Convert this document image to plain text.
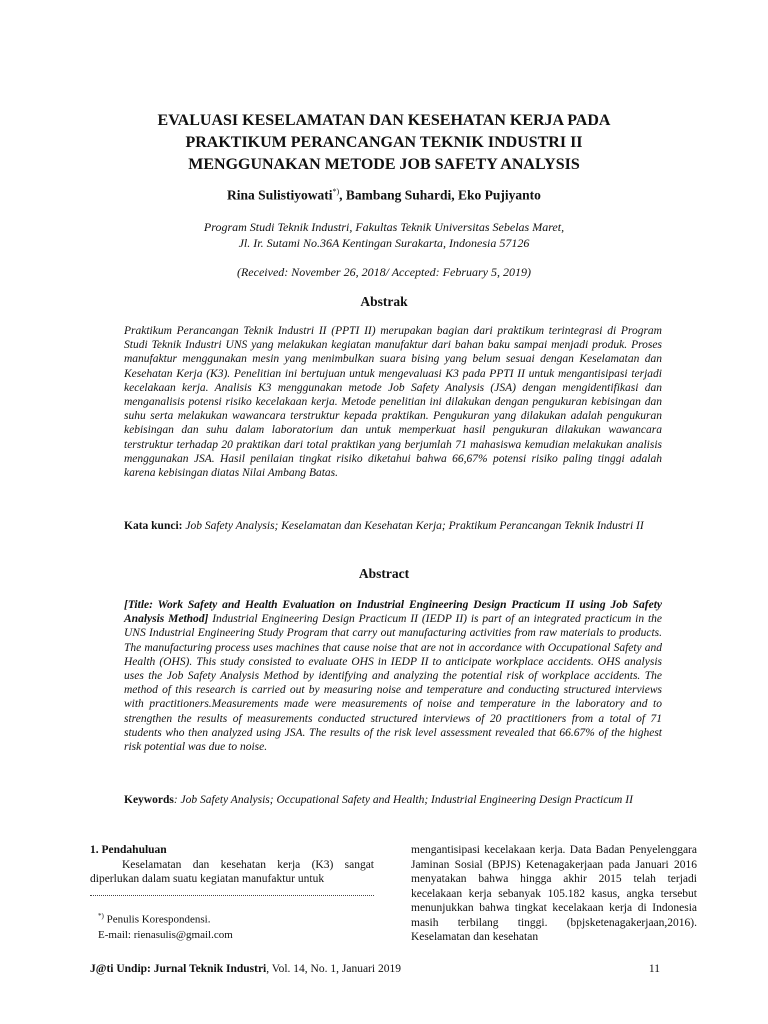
EVALUASI KESELAMATAN DAN KESEHATAN KERJA PADA
PRAKTIKUM PERANCANGAN TEKNIK INDUSTRI II
MENGGUNAKAN METODE JOB SAFETY ANALYSIS
Rina Sulistiyowati*), Bambang Suhardi, Eko Pujiyanto
Program Studi Teknik Industri, Fakultas Teknik Universitas Sebelas Maret,
Jl. Ir. Sutami No.36A Kentingan Surakarta, Indonesia 57126
(Received: November 26, 2018/ Accepted: February 5, 2019)
Abstrak
Praktikum Perancangan Teknik Industri II (PPTI II) merupakan bagian dari praktikum terintegrasi di Program Studi Teknik Industri UNS yang melakukan kegiatan manufaktur dari bahan baku sampai menjadi produk. Proses manufaktur menggunakan mesin yang menimbulkan suara bising yang belum sesuai dengan Keselamatan dan Kesehatan Kerja (K3). Penelitian ini bertujuan untuk mengevaluasi K3 pada PPTI II untuk mengantisipasi terjadi kecelakaan kerja. Analisis K3 menggunakan metode Job Safety Analysis (JSA) dengan mengidentifikasi dan menganalisis potensi risiko kecelakaan kerja. Metode penelitian ini dilakukan dengan pengukuran kebisingan dan suhu serta melakukan wawancara terstruktur kepada praktikan. Pengukuran yang dilakukan adalah pengukuran kebisingan dan suhu dalam laboratorium dan untuk memperkuat hasil pengukuran dilakukan wawancara terstruktur terhadap 20 praktikan dari total praktikan yang berjumlah 71 mahasiswa kemudian melakukan analisis menggunakan JSA. Hasil penilaian tingkat risiko diketahui bahwa 66,67% potensi risiko paling tinggi adalah karena kebisingan diatas Nilai Ambang Batas.
Kata kunci: Job Safety Analysis; Keselamatan dan Kesehatan Kerja; Praktikum Perancangan Teknik Industri II
Abstract
[Title: Work Safety and Health Evaluation on Industrial Engineering Design Practicum II using Job Safety Analysis Method] Industrial Engineering Design Practicum II (IEDP II) is part of an integrated practicum in the UNS Industrial Engineering Study Program that carry out manufacturing activities from raw materials to products. The manufacturing process uses machines that cause noise that are not in accordance with Occupational Safety and Health (OHS). This study consisted to evaluate OHS in IEDP II to anticipate workplace accidents. OHS analysis uses the Job Safety Analysis Method by identifying and analyzing the potential risk of workplace accidents. The method of this research is carried out by measuring noise and temperature and conducting structured interviews with practitioners.Measurements made were measurements of noise and temperature in the laboratory and to strengthen the results of measurements conducted structured interviews of 20 practitioners from a total of 71 students who then analyzed using JSA. The results of the risk level assessment revealed that 66.67% of the highest risk potential was due to noise.
Keywords: Job Safety Analysis; Occupational Safety and Health; Industrial Engineering Design Practicum II
1. Pendahuluan
Keselamatan dan kesehatan kerja (K3) sangat diperlukan dalam suatu kegiatan manufaktur untuk
*) Penulis Korespondensi.
E-mail: rienasulis@gmail.com
mengantisipasi kecelakaan kerja. Data Badan Penyelenggara Jaminan Sosial (BPJS) Ketenagakerjaan pada Januari 2016 menyatakan bahwa hingga akhir 2015 telah terjadi kecelakaan kerja sebanyak 105.182 kasus, angka tersebut menunjukkan bahwa tingkat kecelakaan kerja di Indonesia masih terbilang tinggi. (bpjsketenagakerjaan,2016). Keselamatan dan kesehatan
J@ti Undip: Jurnal Teknik Industri, Vol. 14, No. 1, Januari 2019	11
